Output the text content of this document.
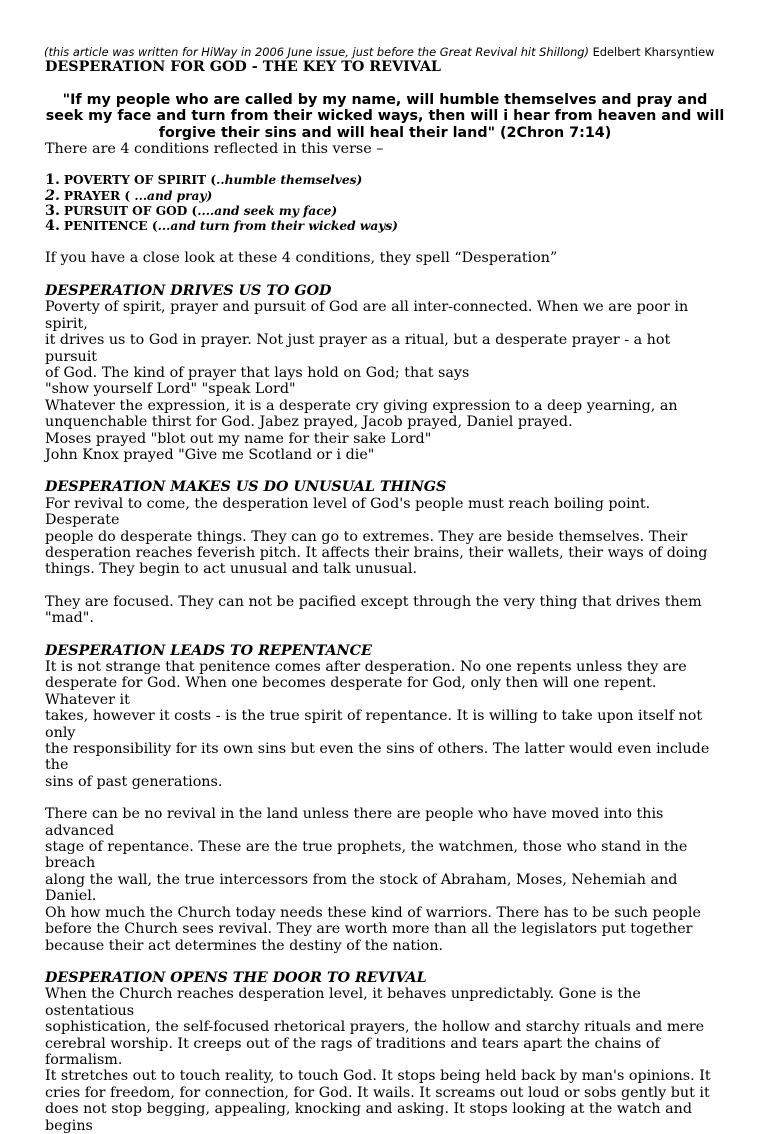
(this article was written for HiWay in 2006 June issue, just before the Great Revival hit Shillong) Edelbert Kharsyntiew
DESPERATION FOR GOD - THE KEY TO REVIVAL
"If my people who are called by my name, will humble themselves and pray and seek my face and turn from their wicked ways, then will i hear from heaven and will forgive their sins and will heal their land" (2Chron 7:14)
There are 4 conditions reflected in this verse –
1. POVERTY OF SPIRIT (..humble themselves)
2. PRAYER ( ...and pray)
3. PURSUIT OF GOD (....and seek my face)
4. PENITENCE (...and turn from their wicked ways)
If you have a close look at these 4 conditions, they spell “Desperation”
DESPERATION DRIVES US TO GOD
Poverty of spirit, prayer and pursuit of God are all inter-connected. When we are poor in spirit,
it drives us to God in prayer. Not just prayer as a ritual, but a desperate prayer - a hot pursuit
of God. The kind of prayer that lays hold on God; that says
"show yourself Lord" "speak Lord"
Whatever the expression, it is a desperate cry giving expression to a deep yearning, an
unquenchable thirst for God. Jabez prayed, Jacob prayed, Daniel prayed.
Moses prayed "blot out my name for their sake Lord"
John Knox prayed "Give me Scotland or i die"
DESPERATION MAKES US DO UNUSUAL THINGS
For revival to come, the desperation level of God's people must reach boiling point. Desperate
people do desperate things. They can go to extremes. They are beside themselves. Their
desperation reaches feverish pitch. It affects their brains, their wallets, their ways of doing
things. They begin to act unusual and talk unusual.
They are focused. They can not be pacified except through the very thing that drives them
"mad".
DESPERATION LEADS TO REPENTANCE
It is not strange that penitence comes after desperation. No one repents unless they are
desperate for God. When one becomes desperate for God, only then will one repent. Whatever it
takes, however it costs - is the true spirit of repentance. It is willing to take upon itself not only
the responsibility for its own sins but even the sins of others. The latter would even include the
sins of past generations.
There can be no revival in the land unless there are people who have moved into this advanced
stage of repentance. These are the true prophets, the watchmen, those who stand in the breach
along the wall, the true intercessors from the stock of Abraham, Moses, Nehemiah and Daniel.
Oh how much the Church today needs these kind of warriors. There has to be such people
before the Church sees revival. They are worth more than all the legislators put together
because their act determines the destiny of the nation.
DESPERATION OPENS THE DOOR TO REVIVAL
When the Church reaches desperation level, it behaves unpredictably. Gone is the ostentatious
sophistication, the self-focused rhetorical prayers, the hollow and starchy rituals and mere
cerebral worship. It creeps out of the rags of traditions and tears apart the chains of formalism.
It stretches out to touch reality, to touch God. It stops being held back by man's opinions. It
cries for freedom, for connection, for God. It wails. It screams out loud or sobs gently but it
does not stop begging, appealing, knocking and asking. It stops looking at the watch and begins
